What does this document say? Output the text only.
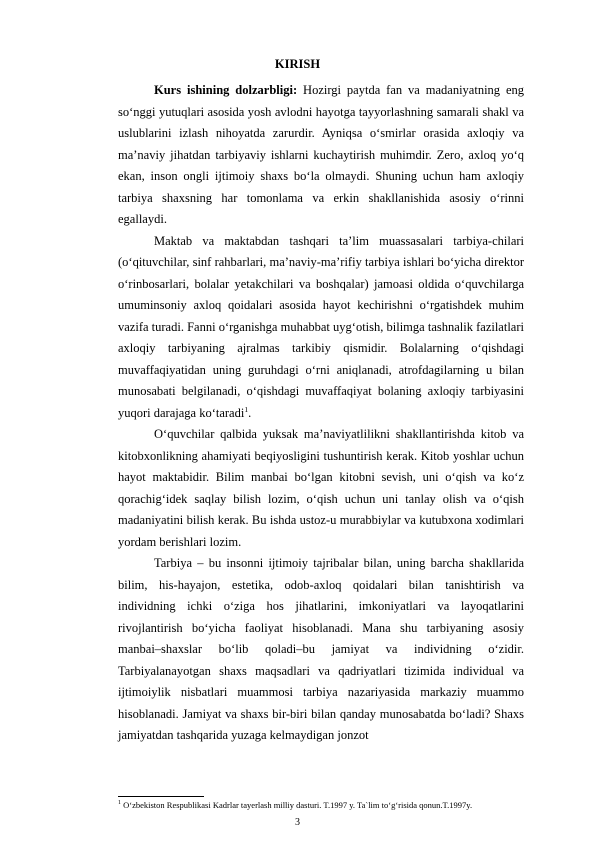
KIRISH

Kurs ishining dolzarbligi: Hozirgi paytda fan va madaniyatning eng so‘nggi yutuqlari asosida yosh avlodni hayotga tayyorlashning samarali shakl va uslublarini izlash nihoyatda zarurdir. Ayniqsa o‘smirlar orasida axloqiy va ma’naviy jihatdan tarbiyaviy ishlarni kuchaytirish muhimdir. Zero, axloq yo‘q ekan, inson ongli ijtimoiy shaxs bo‘la olmaydi. Shuning uchun ham axloqiy tarbiya shaxsning har tomonlama va erkin shakllanishida asosiy o‘rinni egallaydi.

Maktab va maktabdan tashqari ta’lim muassasalari tarbiya-chilari (o‘qituvchilar, sinf rahbarlari, ma’naviy-ma’rifiy tarbiya ishlari bo‘yicha direktor o‘rinbosarlari, bolalar yetakchilari va boshqalar) jamoasi oldida o‘quvchilarga umuminsoniy axloq qoidalari asosida hayot kechirishni o‘rgatishdek muhim vazifa turadi. Fanni o‘rganishga muhabbat uyg‘otish, bilimga tashnalik fazilatlari axloqiy tarbiyaning ajralmas tarkibiy qismidir. Bolalarning o‘qishdagi muvaffaqiyatidan uning guruhdagi o‘rni aniqlanadi, atrofdagilarning u bilan munosabati belgilanadi, o‘qishdagi muvaffaqiyat bolaning axloqiy tarbiyasini yuqori darajaga ko‘taradi$^1$.

O‘quvchilar qalbida yuksak ma’naviyatlilikni shakllantirishda kitob va kitobxonlikning ahamiyati beqiyosligini tushuntirish kerak. Kitob yoshlar uchun hayot maktabidir. Bilim manbai bo‘lgan kitobni sevish, uni o‘qish va ko‘z qorachig‘idek saqlay bilish lozim, o‘qish uchun uni tanlay olish va o‘qish madaniyatini bilish kerak. Bu ishda ustoz-u murabbiylar va kutubxona xodimlari yordam berishlari lozim.

Tarbiya – bu insonni ijtimoiy tajribalar bilan, uning barcha shakllarida bilim, his-hayajon, estetika, odob-axloq qoidalari bilan tanishtirish va individning ichki o‘ziga hos jihatlarini, imkoniyatlari va layoqatlarini rivojlantirish bo‘yicha faoliyat hisoblanadi. Mana shu tarbiyaning asosiy manbai–shaxslar bo‘lib qoladi–bu jamiyat va individning o‘zidir. Tarbiyalanayotgan shaxs maqsadlari va qadriyatlari tizimida individual va ijtimoiylik nisbatlari muammosi tarbiya nazariyasida markaziy muammo hisoblanadi. Jamiyat va shaxs bir-biri bilan qanday munosabatda bo‘ladi? Shaxs jamiyatdan tashqarida yuzaga kelmaydigan jonzot

$^1$ O‘zbekiston Respublikasi Kadrlar tayerlash milliy dasturi. T.1997 y. Ta`lim to‘g‘risida qonun.T.1997y.
3
